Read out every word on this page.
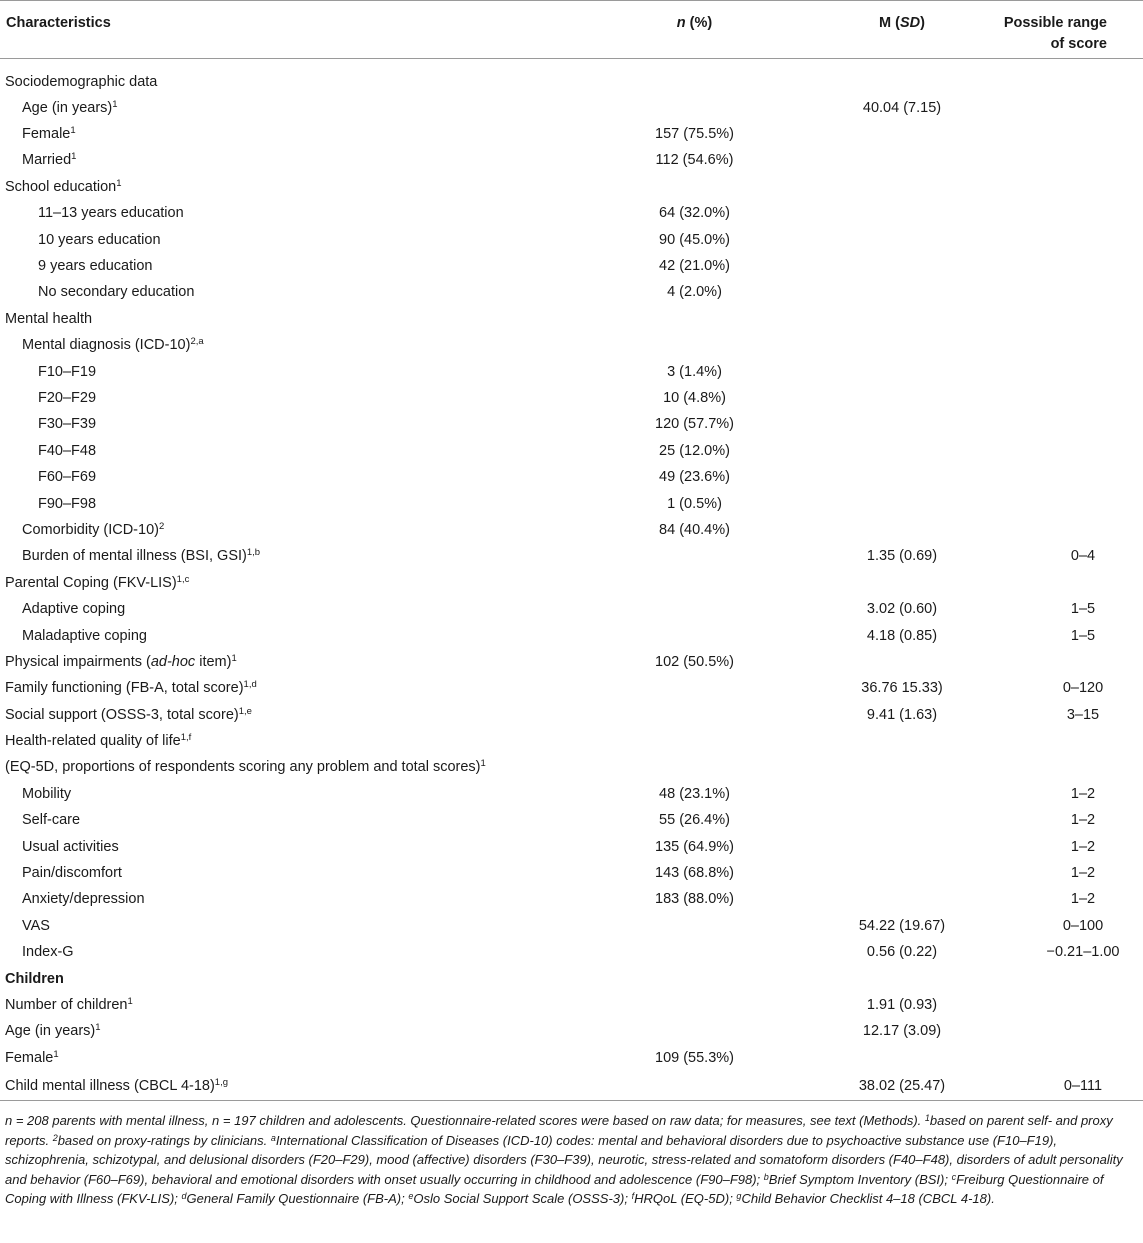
Characteristics	n (%)	M (SD)	Possible range
of score
Sociodemographic data			
Age (in years)$^1$		40.04 (7.15)	
Female$^1$	157 (75.5%)		
Married$^1$	112 (54.6%)		
School education$^1$			
11–13 years education	64 (32.0%)		
10 years education	90 (45.0%)		
9 years education	42 (21.0%)		
No secondary education	4 (2.0%)		
Mental health			
Mental diagnosis $(ICD-10)^{2,a}$			
F10–F19	3 (1.4%)		
F20–F29	10 (4.8%)		
F30–F39	120 (57.7%)		
F40–F48	25 (12.0%)		
F60–F69	49 (23.6%)		
F90–F98	1 (0.5%)		
Comorbidity $(ICD-10)^2$	84 (40.4%)		
Burden of mental illness (BSI, GSI)$^{1,b}$		1.35 (0.69)	0–4
Parental Coping $(FKV-LIS)^{1,c}$			
Adaptive coping		3.02 (0.60)	1–5
Maladaptive coping		4.18 (0.85)	1–5
Physical impairments (ad-hoc item)$^1$	102 (50.5%)		
Family functioning (FB-A, total score)$^{1,d}$		36.76 15.33)	0–120
Social support (OSSS-3, total score)$^{1,e}$		9.41 (1.63)	3–15
Health-related quality of life$^{1,f}$			
(EQ-5D, proportions of respondents scoring any problem and total scores)$^1$			
Mobility	48 (23.1%)		1–2
Self-care	55 (26.4%)		1–2
Usual activities	135 (64.9%)		1–2
Pain/discomfort	143 (68.8%)		1–2
Anxiety/depression	183 (88.0%)		1–2
VAS		54.22 (19.67)	0–100
Index-G		0.56 (0.22)	−0.21–1.00
Children			
Number of children$^1$		1.91 (0.93)	
Age (in years)$^1$		12.17 (3.09)	
Female$^1$	109 (55.3%)		
Child mental illness (CBCL 4-18)$^{1,g}$		38.02 (25.47)	0–111
n = 208 parents with mental illness, n = 197 children and adolescents. Questionnaire-related scores were based on raw data; for measures, see text (Methods). $^1$based on parent self- and proxy reports. $^2$based on proxy-ratings by clinicians. $^a$International Classification of Diseases (ICD-10) codes: mental and behavioral disorders due to psychoactive substance use (F10–F19), schizophrenia, schizotypal, and delusional disorders (F20–F29), mood (affective) disorders (F30–F39), neurotic, stress-related and somatoform disorders (F40–F48), disorders of adult personality and behavior (F60–F69), behavioral and emotional disorders with onset usually occurring in childhood and adolescence (F90–F98); $^b$Brief Symptom Inventory (BSI); $^c$Freiburg Questionnaire of Coping with Illness (FKV-LIS); $^d$General Family Questionnaire (FB-A); $^e$Oslo Social Support Scale (OSSS-3); $^f$HRQoL (EQ-5D); $^g$Child Behavior Checklist 4–18 (CBCL 4-18).
